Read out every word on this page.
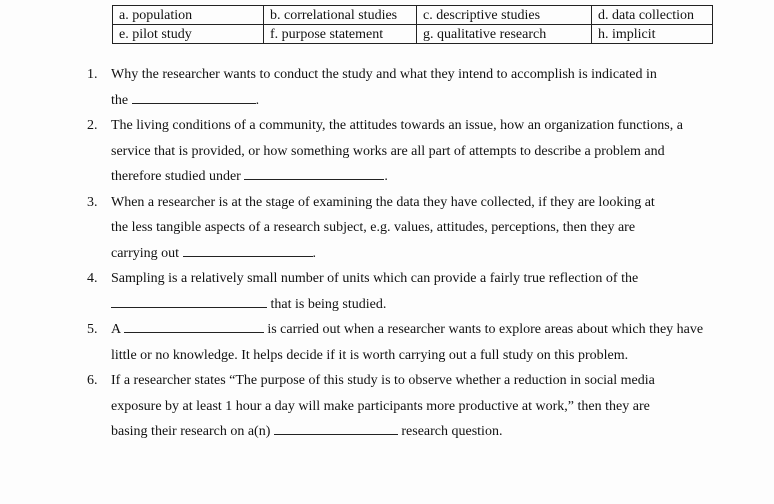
a. population	b. correlational studies	c. descriptive studies	d. data collection
e. pilot study	f. purpose statement	g. qualitative research	h. implicit
1. Why the researcher wants to conduct the study and what they intend to accomplish is indicated in
the	.
2. The living conditions of a community, the attitudes towards an issue, how an organization functions, a
service that is provided, or how something works are all part of attempts to describe a problem and
therefore studied under	.
3. When a researcher is at the stage of examining the data they have collected, if they are looking at
the less tangible aspects of a research subject, e.g. values, attitudes, perceptions, then they are
carrying out	.
4. Sampling is a relatively small number of units which can provide a fairly true reflection of the
that is being studied.
5. A	is carried out when a researcher wants to explore areas about which they have
little or no knowledge. It helps decide if it is worth carrying out a full study on this problem.
6. If a researcher states “The purpose of this study is to observe whether a reduction in social media
exposure by at least 1 hour a day will make participants more productive at work,” then they are
basing their research on a(n)	research question.
